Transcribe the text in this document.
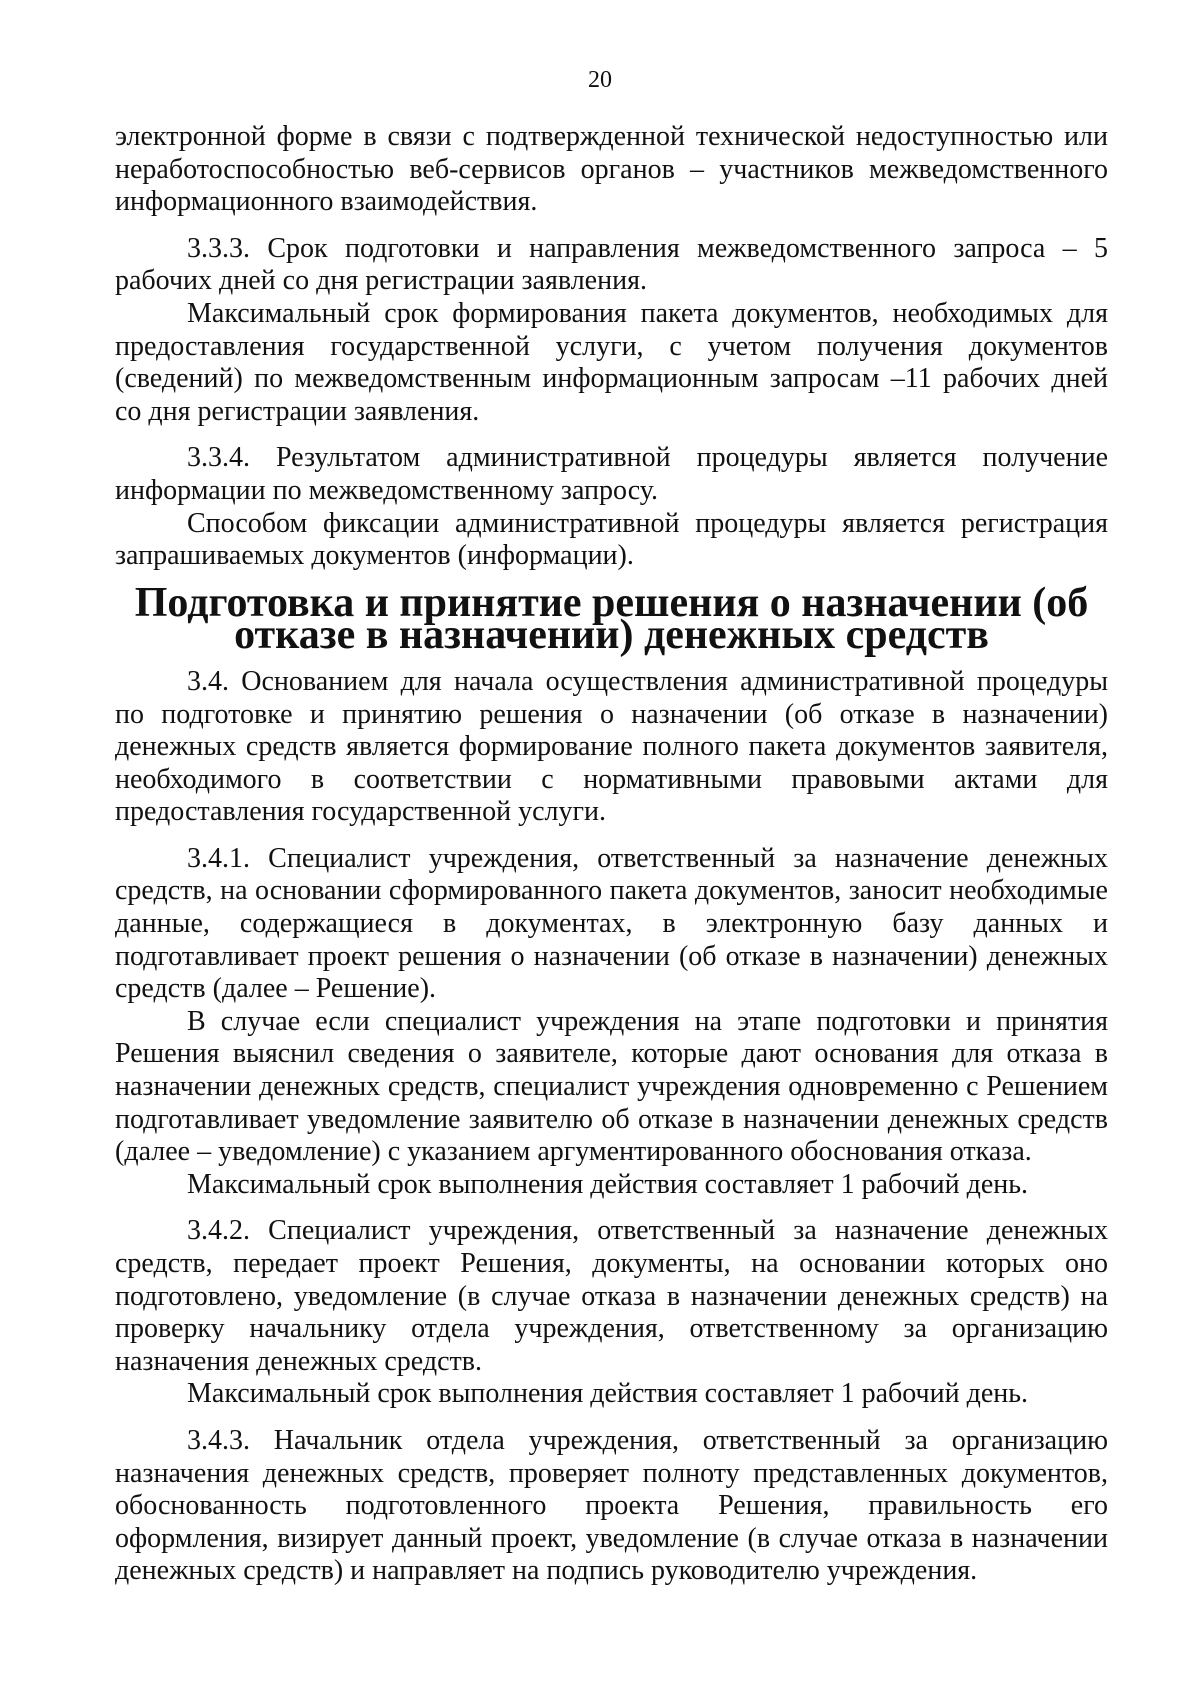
20

электронной форме в связи с подтвержденной технической недоступностью или неработоспособностью веб-сервисов органов – участников межведомственного информационного взаимодействия.

3.3.3. Срок подготовки и направления межведомственного запроса – 5 рабочих дней со дня регистрации заявления.

Максимальный срок формирования пакета документов, необходимых для предоставления государственной услуги, с учетом получения документов (сведений) по межведомственным информационным запросам –11 рабочих дней со дня регистрации заявления.

3.3.4. Результатом административной процедуры является получение информации по межведомственному запросу.

Способом фиксации административной процедуры является регистрация запрашиваемых документов (информации).

Подготовка и принятие решения о назначении (об отказе в назначении) денежных средств

3.4. Основанием для начала осуществления административной процедуры по подготовке и принятию решения о назначении (об отказе в назначении) денежных средств является формирование полного пакета документов заявителя, необходимого в соответствии с нормативными правовыми актами для предоставления государственной услуги.

3.4.1. Специалист учреждения, ответственный за назначение денежных средств, на основании сформированного пакета документов, заносит необходимые данные, содержащиеся в документах, в электронную базу данных и подготавливает проект решения о назначении (об отказе в назначении) денежных средств (далее – Решение).

В случае если специалист учреждения на этапе подготовки и принятия Решения выяснил сведения о заявителе, которые дают основания для отказа в назначении денежных средств, специалист учреждения одновременно с Решением подготавливает уведомление заявителю об отказе в назначении денежных средств (далее – уведомление) с указанием аргументированного обоснования отказа.

Максимальный срок выполнения действия составляет 1 рабочий день.

3.4.2. Специалист учреждения, ответственный за назначение денежных средств, передает проект Решения, документы, на основании которых оно подготовлено, уведомление (в случае отказа в назначении денежных средств) на проверку начальнику отдела учреждения, ответственному за организацию назначения денежных средств.

Максимальный срок выполнения действия составляет 1 рабочий день.

3.4.3. Начальник отдела учреждения, ответственный за организацию назначения денежных средств, проверяет полноту представленных документов, обоснованность подготовленного проекта Решения, правильность его оформления, визирует данный проект, уведомление (в случае отказа в назначении денежных средств) и направляет на подпись руководителю учреждения.
